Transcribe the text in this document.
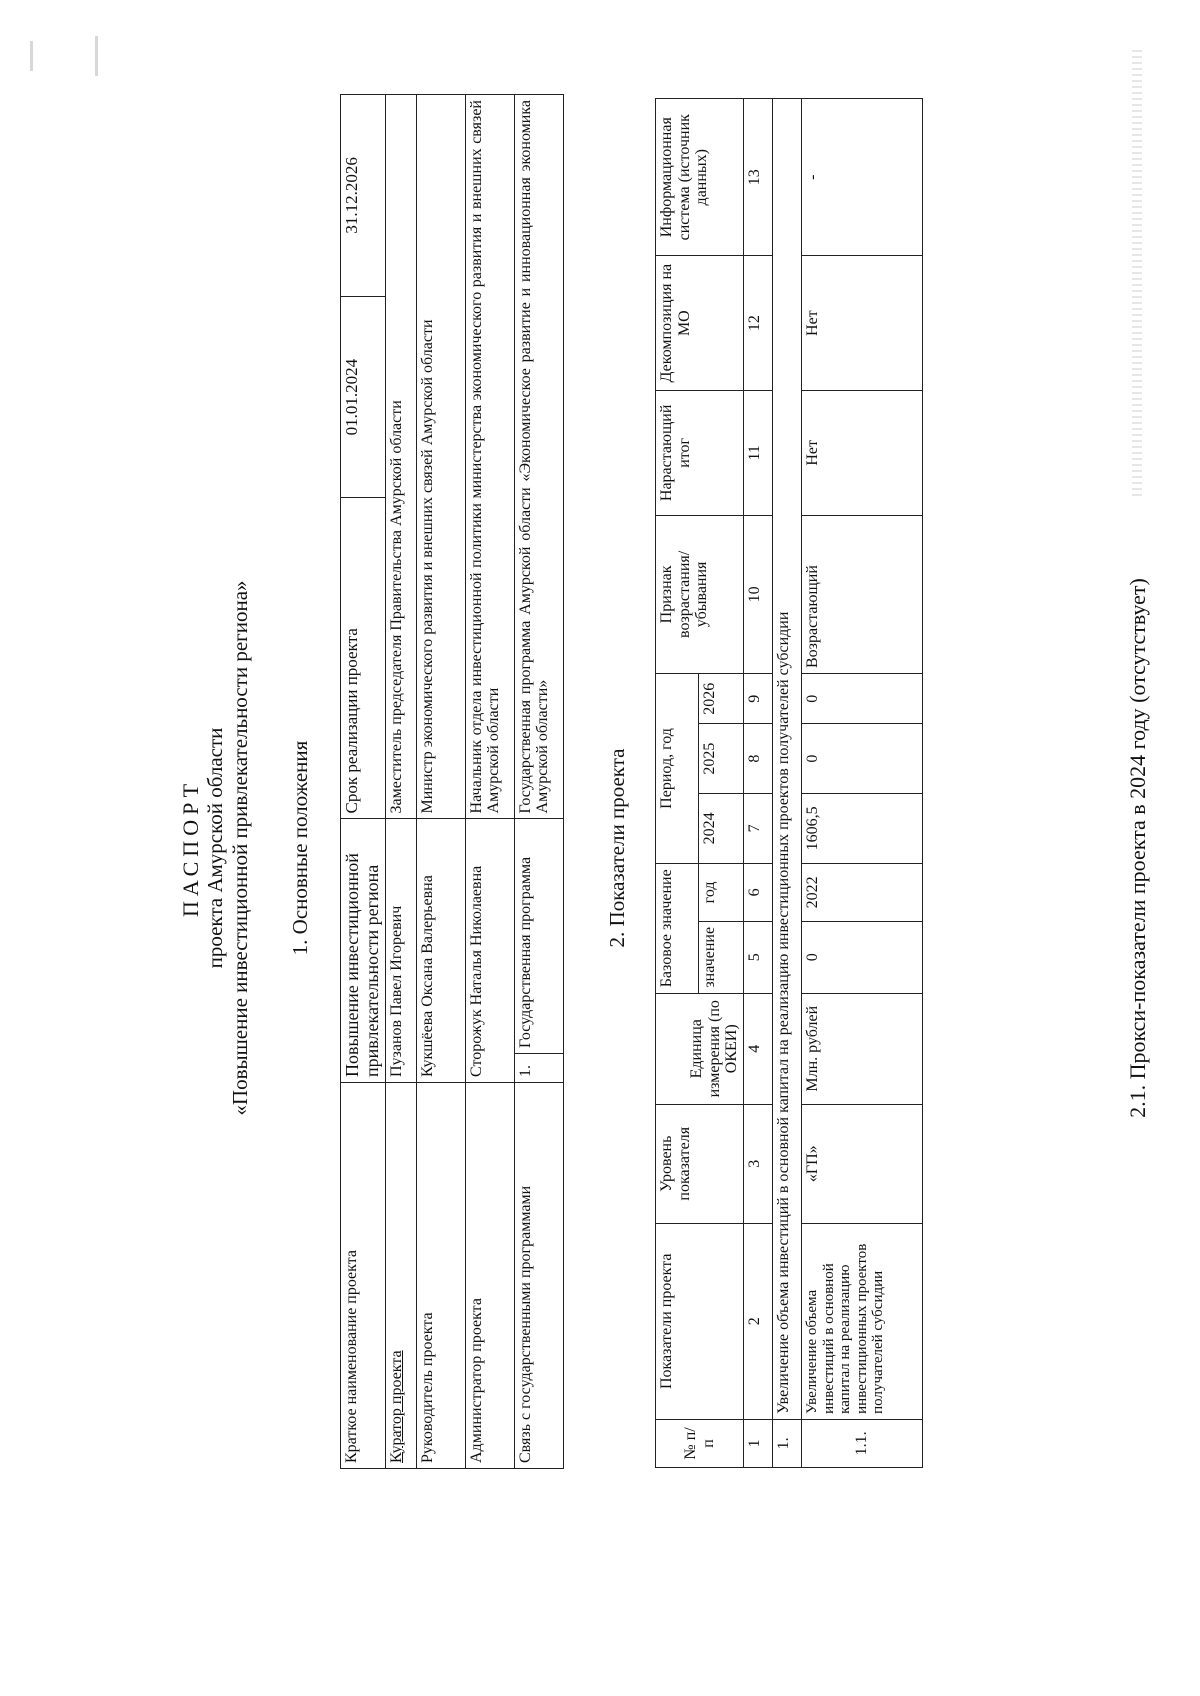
ПАСПОРТ проекта Амурской области «Повышение инвестиционной привлекательности региона» 1. Основные положения
Краткое наименование проекта	Повышение инвестиционной привлекательности региона		Срок реализации проекта	01.01.2024	31.12.2026
Куратор проекта	Пузанов Павел Игоревич		Заместитель председателя Правительства Амурской области		
Руководитель проекта	Кукшёева Оксана Валерьевна		Министр экономического развития и внешних связей Амурской области		
Администратор проекта	Сторожук Наталья Николаевна		Начальник отдела инвестиционной политики министерства экономического развития и внешних связей Амурской области		
Связь с государственными программами	1.	Государственная программа	Государственная программа Амурской области «Экономическое развитие и инновационная экономика Амурской области»		
2. Показатели проекта
№ п/п	Показатели проекта	Уровень показателя	Единица измерения (по ОКЕИ)	Базовое значение		Период, год			Признак возрастания/ убывания	Нарастающий итог	Декомпозиция на МО	Информационная система (источник данных)
				значение	год	2024	2025	2026				
1	2	3	4	5	6	7	8	9	10	11	12	13
1.	Увеличение объема инвестиций в основной капитал на реализацию инвестиционных проектов получателей субсидии											
1.1.	Увеличение объема инвестиций в основной капитал на реализацию инвестиционных проектов получателей субсидии	«ГП»	Млн. рублей	0	2022	1606,5	0	0	Возрастающий	Нет	Нет	-
2.1. Прокси-показатели проекта в 2024 году (отсутствует)
